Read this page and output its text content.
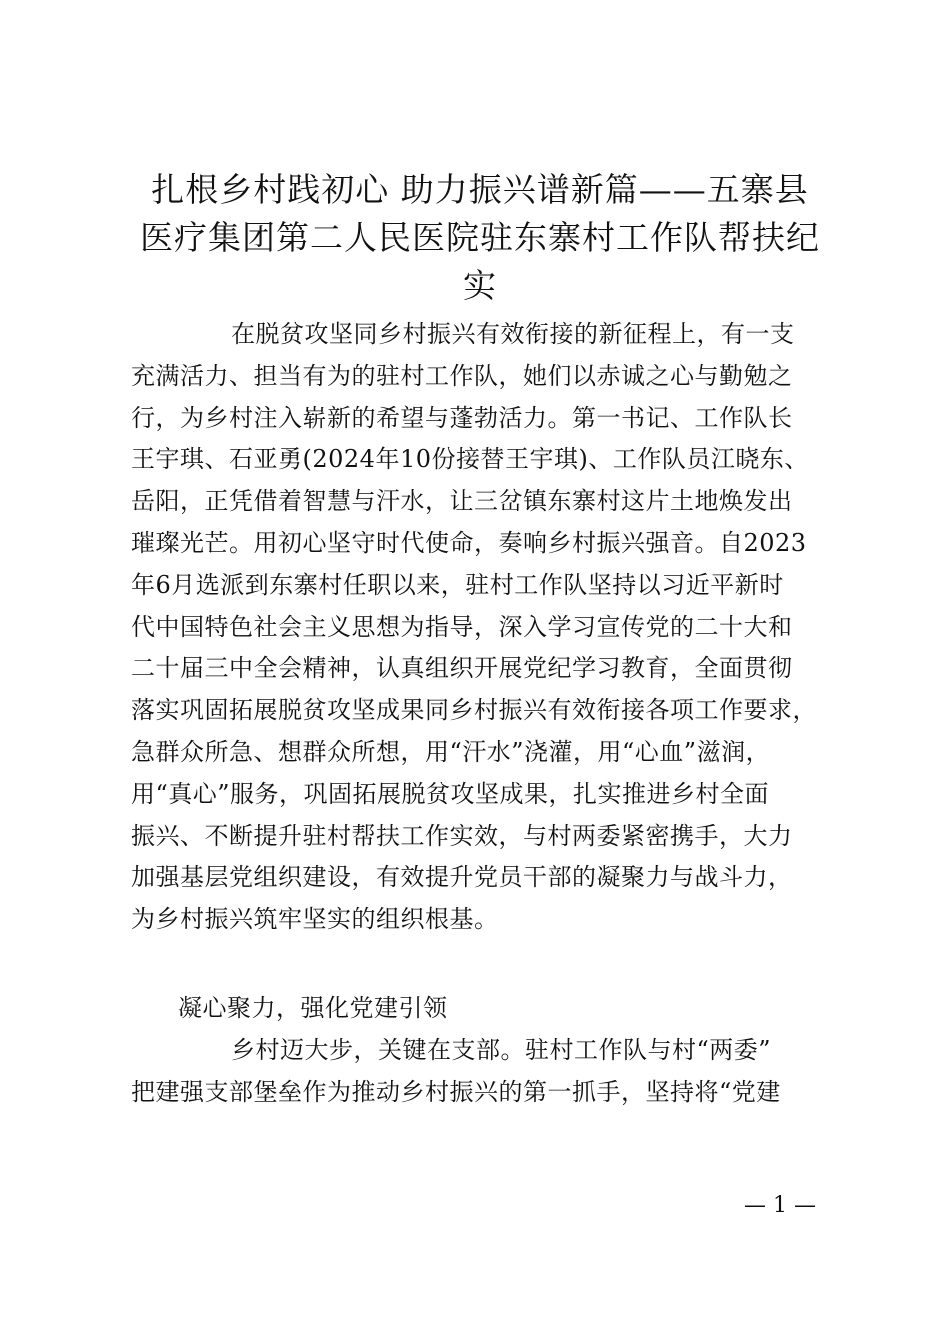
扎根乡村践初心 助力振兴谱新篇——五寨县
医疗集团第二人民医院驻东寨村工作队帮扶纪
实
在脱贫攻坚同乡村振兴有效衔接的新征程上，有一支
充满活力、担当有为的驻村工作队，她们以赤诚之心与勤勉之
行，为乡村注入崭新的希望与蓬勃活力。第一书记、工作队长
王宇琪、石亚勇(2024年10份接替王宇琪)、工作队员江晓东、
岳阳，正凭借着智慧与汗水，让三岔镇东寨村这片土地焕发出
璀璨光芒。用初心坚守时代使命，奏响乡村振兴强音。自2023
年6月选派到东寨村任职以来，驻村工作队坚持以习近平新时
代中国特色社会主义思想为指导，深入学习宣传党的二十大和
二十届三中全会精神，认真组织开展党纪学习教育，全面贯彻
落实巩固拓展脱贫攻坚成果同乡村振兴有效衔接各项工作要求，
急群众所急、想群众所想，用“汗水”浇灌，用“心血”滋润，
用“真心”服务，巩固拓展脱贫攻坚成果，扎实推进乡村全面
振兴、不断提升驻村帮扶工作实效，与村两委紧密携手，大力
加强基层党组织建设，有效提升党员干部的凝聚力与战斗力，
为乡村振兴筑牢坚实的组织根基。
凝心聚力，强化党建引领
乡村迈大步，关键在支部。驻村工作队与村“两委”
把建强支部堡垒作为推动乡村振兴的第一抓手，坚持将“党建
— 1 —
